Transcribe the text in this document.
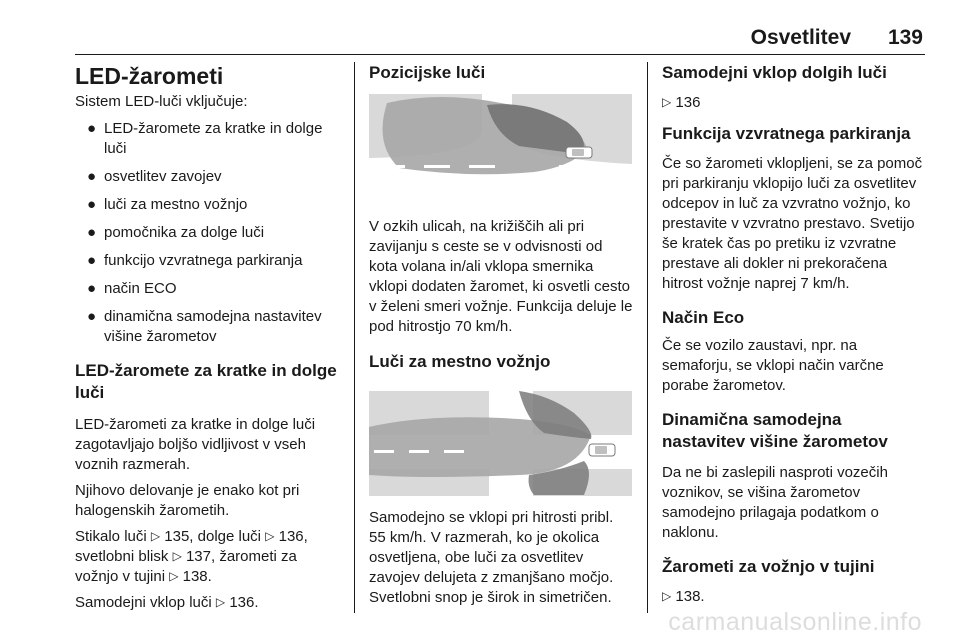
Osvetlitev 139
LED-žarometi

Sistem LED-luči vključuje:

● LED-žaromete za kratke in dolge luči
● osvetlitev zavojev
● luči za mestno vožnjo
● pomočnika za dolge luči
● funkcijo vzvratnega parkiranja
● način ECO
● dinamična samodejna nastavitev višine žarometov
LED-žaromete za kratke in dolge luči

LED-žarometi za kratke in dolge luči zagotavljajo boljšo vidljivost v vseh voznih razmerah.

Njihovo delovanje je enako kot pri halogenskih žarometih.

Stikalo luči ▷ 135, dolge luči ▷ 136, svetlobni blisk ▷ 137, žarometi za vožnjo v tujini ▷ 138.

Samodejni vklop luči ▷ 136.

Pozicijske luči

V ozkih ulicah, na križiščih ali pri zavijanju s ceste se v odvisnosti od kota volana in/ali vklopa smernika vklopi dodaten žaromet, ki osvetli cesto v želeni smeri vožnje. Funkcija deluje le pod hitrostjo 70 km/h.

Luči za mestno vožnjo

Samodejno se vklopi pri hitrosti pribl. 55 km/h. V razmerah, ko je okolica osvetljena, obe luči za osvetlitev zavojev delujeta z zmanjšano močjo. Svetlobni snop je širok in simetričen.

Samodejni vklop dolgih luči

▷ 136

Funkcija vzvratnega parkiranja

Če so žarometi vklopljeni, se za pomoč pri parkiranju vklopijo luči za osvetlitev odcepov in luč za vzvratno vožnjo, ko prestavite v vzvratno prestavo. Svetijo še kratek čas po pretiku iz vzvratne prestave ali dokler ni prekoračena hitrost vožnje naprej 7 km/h.

Način Eco

Če se vozilo zaustavi, npr. na semaforju, se vklopi način varčne porabe žarometov.

Dinamična samodejna nastavitev višine žarometov

Da ne bi zaslepili nasproti vozečih voznikov, se višina žarometov samodejno prilagaja podatkom o naklonu.

Žarometi za vožnjo v tujini

▷ 138.

carmanualsonline.info
